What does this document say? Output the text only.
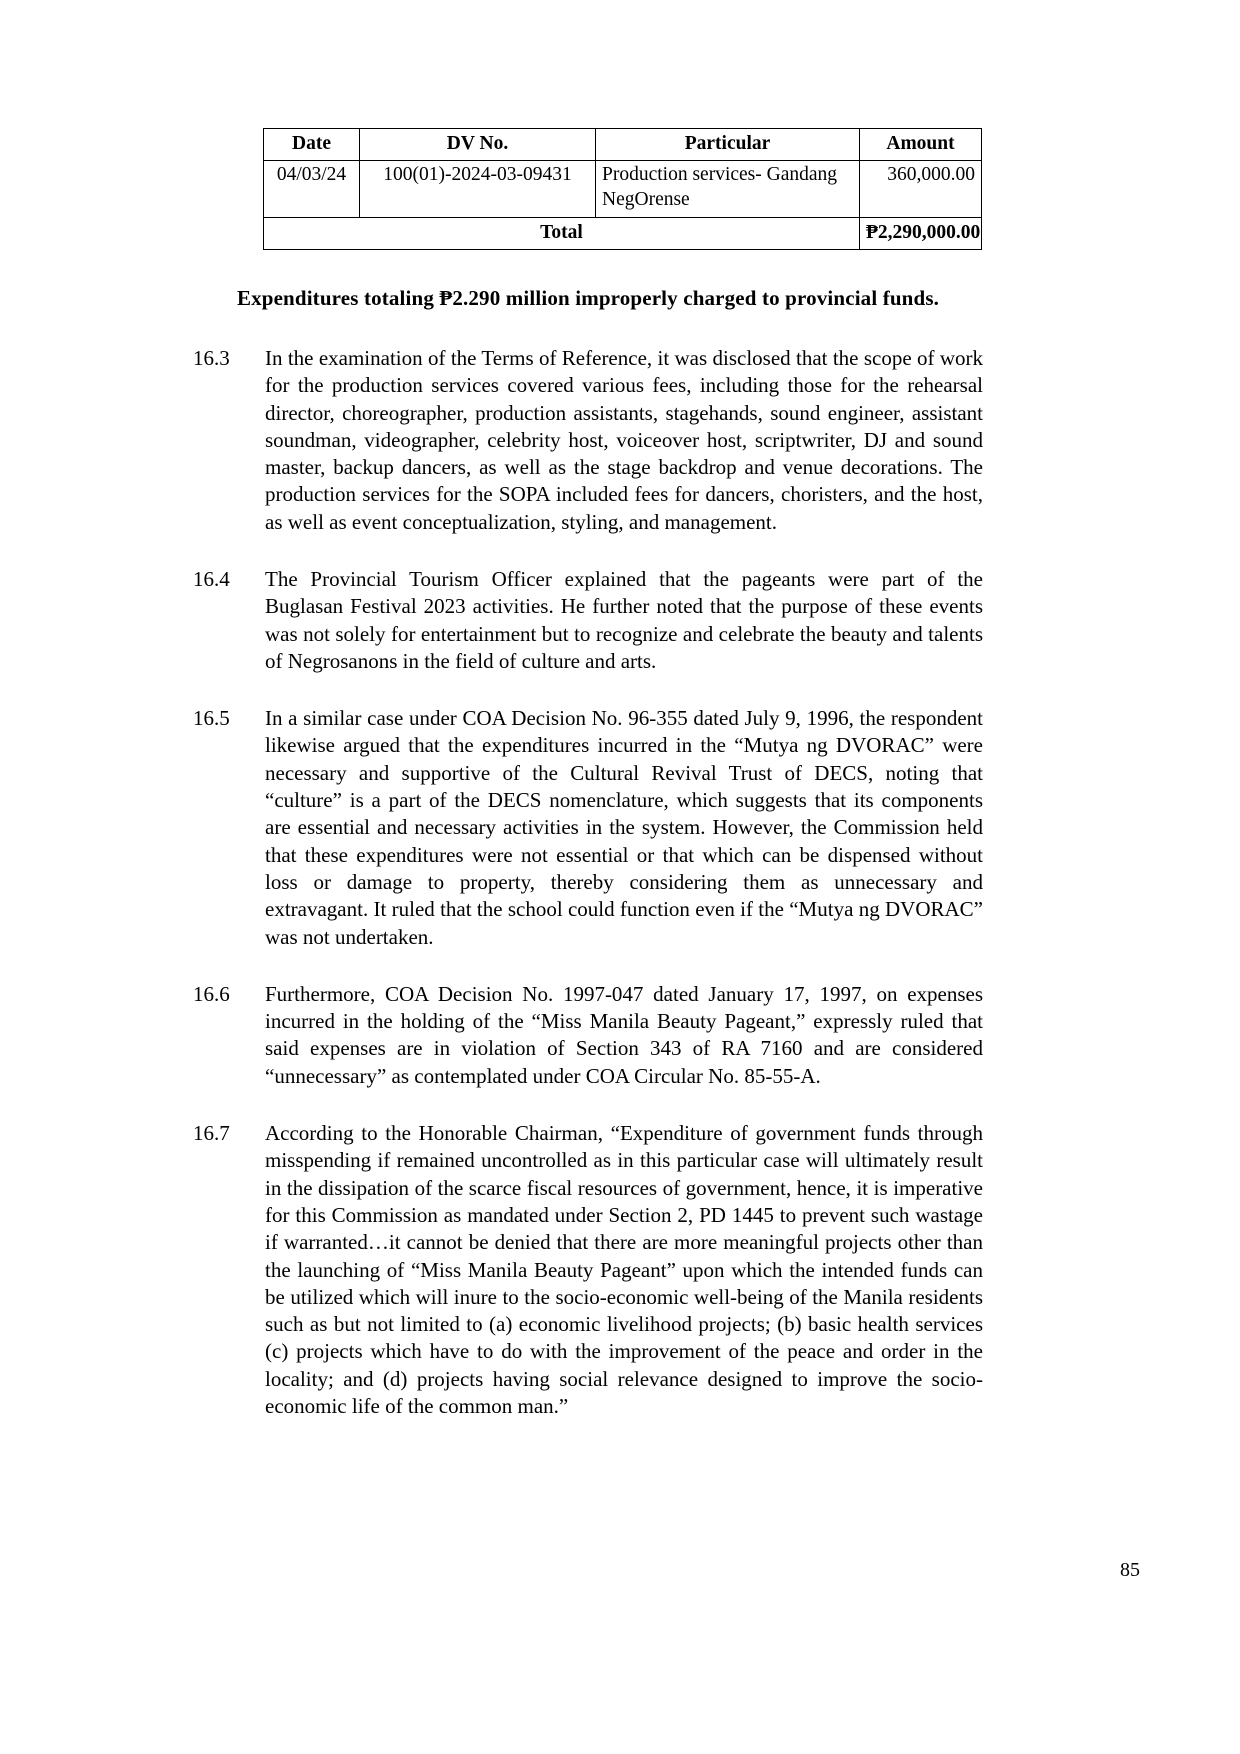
Date	DV No.	Particular	Amount
04/03/24	100(01)-2024-03-09431	Production services- Gandang NegOrense	360,000.00
Total			₱2,290,000.00

Expenditures totaling ₱2.290 million improperly charged to provincial funds.

16.3	In the examination of the Terms of Reference, it was disclosed that the scope of work for the production services covered various fees, including those for the rehearsal director, choreographer, production assistants, stagehands, sound engineer, assistant soundman, videographer, celebrity host, voiceover host, scriptwriter, DJ and sound master, backup dancers, as well as the stage backdrop and venue decorations. The production services for the SOPA included fees for dancers, choristers, and the host, as well as event conceptualization, styling, and management.
16.4	The Provincial Tourism Officer explained that the pageants were part of the Buglasan Festival 2023 activities. He further noted that the purpose of these events was not solely for entertainment but to recognize and celebrate the beauty and talents of Negrosanons in the field of culture and arts.
16.5	In a similar case under COA Decision No. 96-355 dated July 9, 1996, the respondent likewise argued that the expenditures incurred in the “Mutya ng DVORAC” were necessary and supportive of the Cultural Revival Trust of DECS, noting that “culture” is a part of the DECS nomenclature, which suggests that its components are essential and necessary activities in the system. However, the Commission held that these expenditures were not essential or that which can be dispensed without loss or damage to property, thereby considering them as unnecessary and extravagant. It ruled that the school could function even if the “Mutya ng DVORAC” was not undertaken.
16.6	Furthermore, COA Decision No. 1997-047 dated January 17, 1997, on expenses incurred in the holding of the “Miss Manila Beauty Pageant,” expressly ruled that said expenses are in violation of Section 343 of RA 7160 and are considered “unnecessary” as contemplated under COA Circular No. 85-55-A.
16.7	According to the Honorable Chairman, “Expenditure of government funds through misspending if remained uncontrolled as in this particular case will ultimately result in the dissipation of the scarce fiscal resources of government, hence, it is imperative for this Commission as mandated under Section 2, PD 1445 to prevent such wastage if warranted…it cannot be denied that there are more meaningful projects other than the launching of “Miss Manila Beauty Pageant” upon which the intended funds can be utilized which will inure to the socio-economic well-being of the Manila residents such as but not limited to (a) economic livelihood projects; (b) basic health services (c) projects which have to do with the improvement of the peace and order in the locality; and (d) projects having social relevance designed to improve the socio-economic life of the common man.”
85
